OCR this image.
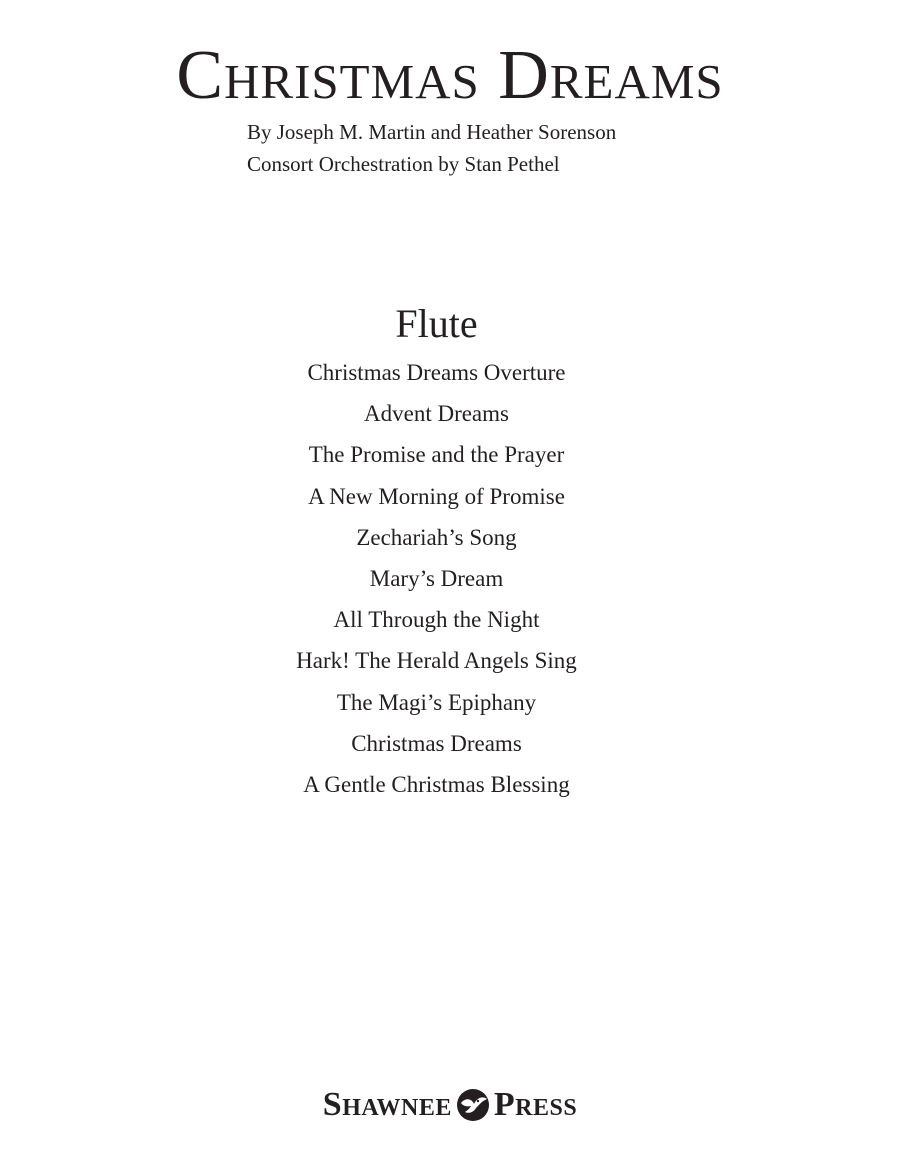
Christmas Dreams
By Joseph M. Martin and Heather Sorenson
Consort Orchestration by Stan Pethel
Flute
Christmas Dreams Overture
Advent Dreams
The Promise and the Prayer
A New Morning of Promise
Zechariah’s Song
Mary’s Dream
All Through the Night
Hark! The Herald Angels Sing
The Magi’s Epiphany
Christmas Dreams
A Gentle Christmas Blessing
Shawnee Press
